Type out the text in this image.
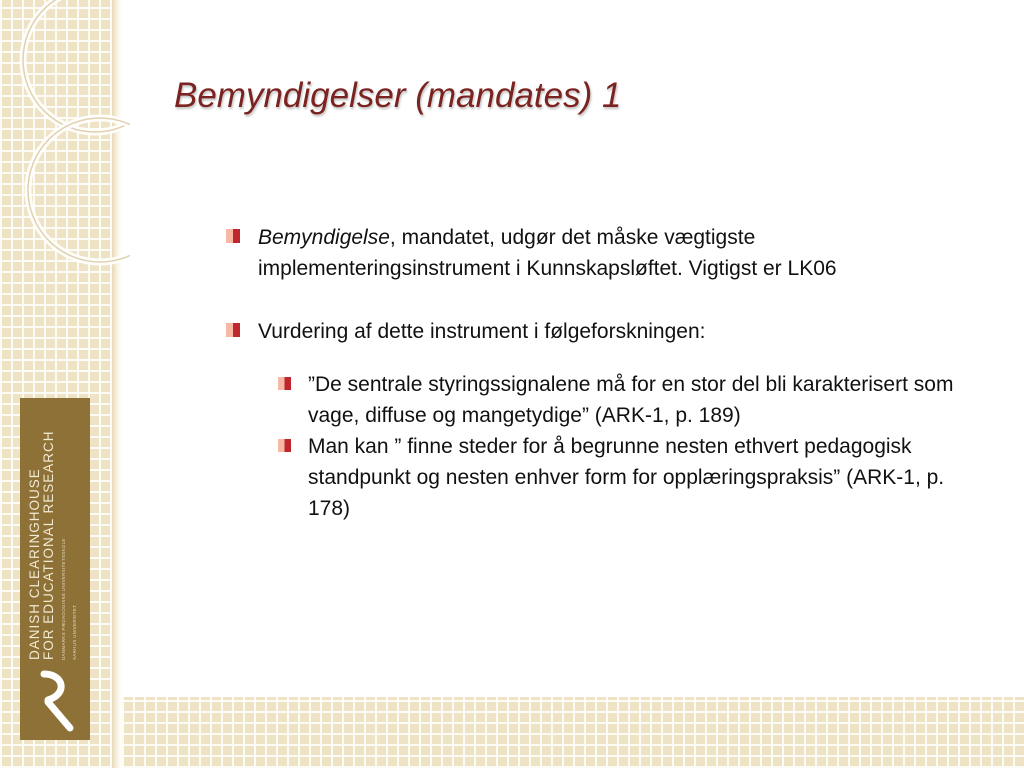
DANISH CLEARINGHOUSE FOR EDUCATIONAL RESEARCH DANMARKS PÆDAGOGISKE UNIVERSITETSSKOLE AARHUS UNIVERSITET
Bemyndigelser (mandates) 1
Bemyndigelse, mandatet, udgør det måske vægtigste implementeringsinstrument i Kunnskapsløftet. Vigtigst er LK06
Vurdering af dette instrument i følgeforskningen:
”De sentrale styringssignalene må for en stor del bli karakterisert som vage, diffuse og mangetydige” (ARK-1, p. 189)
Man kan ” finne steder for å begrunne nesten ethvert pedagogisk standpunkt og nesten enhver form for opplæringspraksis” (ARK-1, p. 178)
